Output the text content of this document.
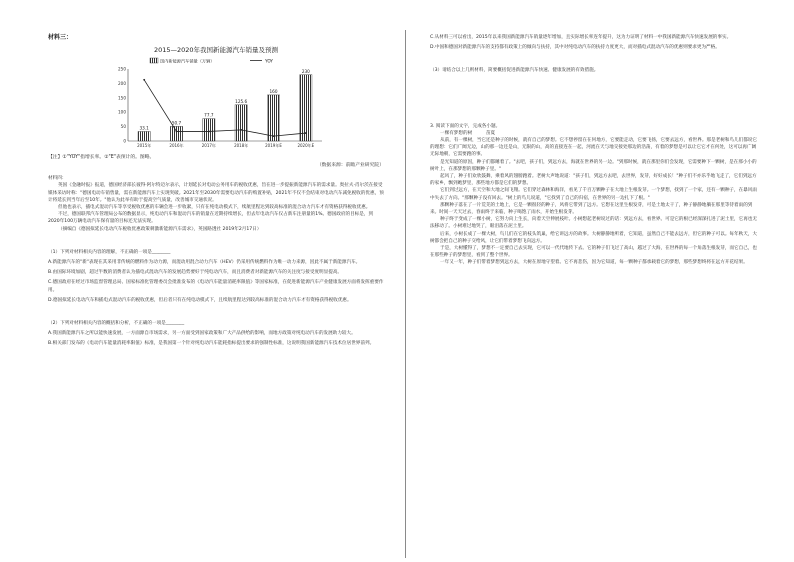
材料三：

2015—2020年我国新能源汽车销量及预测

0
50
100
150
200
250
国内新能源汽车销量（万辆）	YOY
33.1
2015年
50.7
2016年
77.7
2017年
125.6
2018年
160
2019年E
230
2020年E

【注】①"YOY"指增长率。②"E"表预计的。图略。

（数据来源：前瞻产业研究院）

材料四：

英国《金融时报》报道，德国经济部长彼得·阿尔特迈尔表示，计划延长对电动公务用车的税收优惠，旨在进一步提振新能源汽车的需求量。奥拉夫·肖尔茨在接受媒体采访时称："德国电动车销售量，需在新能源汽车上实现突破。2021年至2030年需要电动汽车的购置补贴，2021年不仅不会结束对电动汽车减免税收的优惠，预计将延长到当年后至10年。"他认为此举有助于提高空气质量，改善城市交通状况。

但他也表示，插电式混动汽车等享受税收优惠的车辆会进一步收紧，只有在纯电动模式下，续航里程达到较高标准的混合动力汽车才有资格获得税收优惠。

不过，德国联邦汽车管理局公布的数据显示，纯电动汽车和混动汽车的销量在近期持续增长，但去年电动汽车仅占新车注册量的1%。德国政府的目标是，到2020年100万辆电动汽车保有量的目标还无法实现。

（摘编自《德国拟延长电动汽车税收优惠政策刺激新能源汽车需求》，英国路透社 2019年2月17日）

（1）下列对材料相关内容的理解，不正确的一项是________

A.新能源汽车的"新"表现在其采用非传统的燃料作为动力源，而混动用混合动力汽车（HEV）仍采用传统燃料作为唯一动力来源，因此不属于新能源汽车。

B.由国际环境加剧，超过半数的消费者认为插电式混动汽车的发展趋势要好于纯电动汽车，而且消费者对新能源汽车的关注度与接受度明显提高。

C.德国政府在经过市场监督管理总局、国家标准化管理委员会批准发布的《电动汽车能量消耗率限值》等国家标准，在促进新能源汽车产业健康发展方面将发挥重要作用。

D.德国拟延长电动汽车和插电式混动汽车的税收优惠，但后者只有在纯电动模式下，且续航里程达到较高标准的混合动力汽车才有资格获得税收优惠。

（2）下列对材料相关内容的概括和分析，不正确的一项是________

A.我国新能源汽车之所以能快速发展，一方面源自市场需求，另一方面受到国家政策和广大产品供给的影响，而地方政策对纯电动汽车的发展助力较大。

B.相关部门发布的《电动汽车能量消耗率限值》标准，是我国第一个针对纯电动汽车能耗指标提出要求的强制性标准，这说明我国新能源汽车技术位居世界前列。

C.从材料三可以看出，2015年以来我国新能源汽车销量逐年增加，且实际增长率连年提升，这为力证明了材料一中我国新能源汽车快速发展的事实。

D.中国和德国对新能源汽车的支持都有政策上的倾向与扶持，其中对纯电动汽车的扶持力度更大，而对插电式混动汽车的优惠则要求更为严格。

（3）请结合以上几则材料，简要概括促进新能源汽车快速、健康发展的有效措施。

3. 阅读下面的文字，完成各小题。

一棵有梦想的树　　　苗夏

从前，有一棵树，当它还是种子的时候，就有自己的梦想。它不想停留在在何地方，它要能走动，它要飞扬，它要去远方，看世界。那是老树和鸟儿们都说它的理想：它们广阔无边，山的那一边还是山，无限的山，高的直接连在一起，河流在天与地交接处那边的浩荡，有着的梦想是可以让它它才在何处，这可以再广阔无际地朝，它需要跑的事。

是光知道的原因，种子们都睡着了。"去吧，孩子们，到远方去，海就在世界的另一边。"到那时候，就在那里你们会发现，它需要种下一颗树，是在那小小的树叶上，在那梦想的那颗种子里。"

起风了，种子们欢欣鼓舞，乘着风的翅膀跑着。老树大声地说道："孩子们，到远方去吧，去世界，发芽，好好成长！"种子们不亦乐乎地飞走了，它们到远方的家乡，飘到她梦里，那些地方都是它们的梦想。

它们到过远方，在天空和大地之间飞翔。它们穿过森林和海洋，看见了千百万颗种子在大地上生根发芽。一个梦想，找到了一个家，还有一颗种子，在暴风雨中失去了方向。"那颗种子没有回去。"树上的鸟儿说道，"它找到了自己的归宿，在世界的另一边扎下了根。"

那颗种子落在了一片荒芜的土地上，它是一颗很轻的种子，风将它带到了远方。它想在这里生根发芽，可是土地太干了，种子静静地躺在那里等待着雨的到来。时间一天天过去，春雨终于来临，种子喝饱了雨水，开始生根发芽。

种子终于变成了一棵小树，它努力向上生长，向着天空伸展枝叶。小树想起老树说过的话：到远方去，看世界。可是它的根已经深深扎进了泥土里，它再也无法移动了。小树难过地哭了，眼泪落在泥土里。

后来，小树长成了一棵大树，鸟儿们在它的枝头筑巢，给它讲远方的故事。大树静静地听着，它知道，虽然自己不能去远方，但它的种子可以。每年秋天，大树都会把自己的种子交给风，让它们带着梦想飞向远方。

于是，大树懂得了，梦想不一定要自己去实现，它可以一代代地传下去。它的种子们飞过了高山，越过了大海，在世界的每一个角落生根发芽，而它自己，也在那些种子的梦想里，看到了整个世界。

一年又一年，种子们带着梦想到远方去，大树在原地守望着。它不再悲伤，因为它知道，每一颗种子都承载着它的梦想，那些梦想终将在远方开花结果。
